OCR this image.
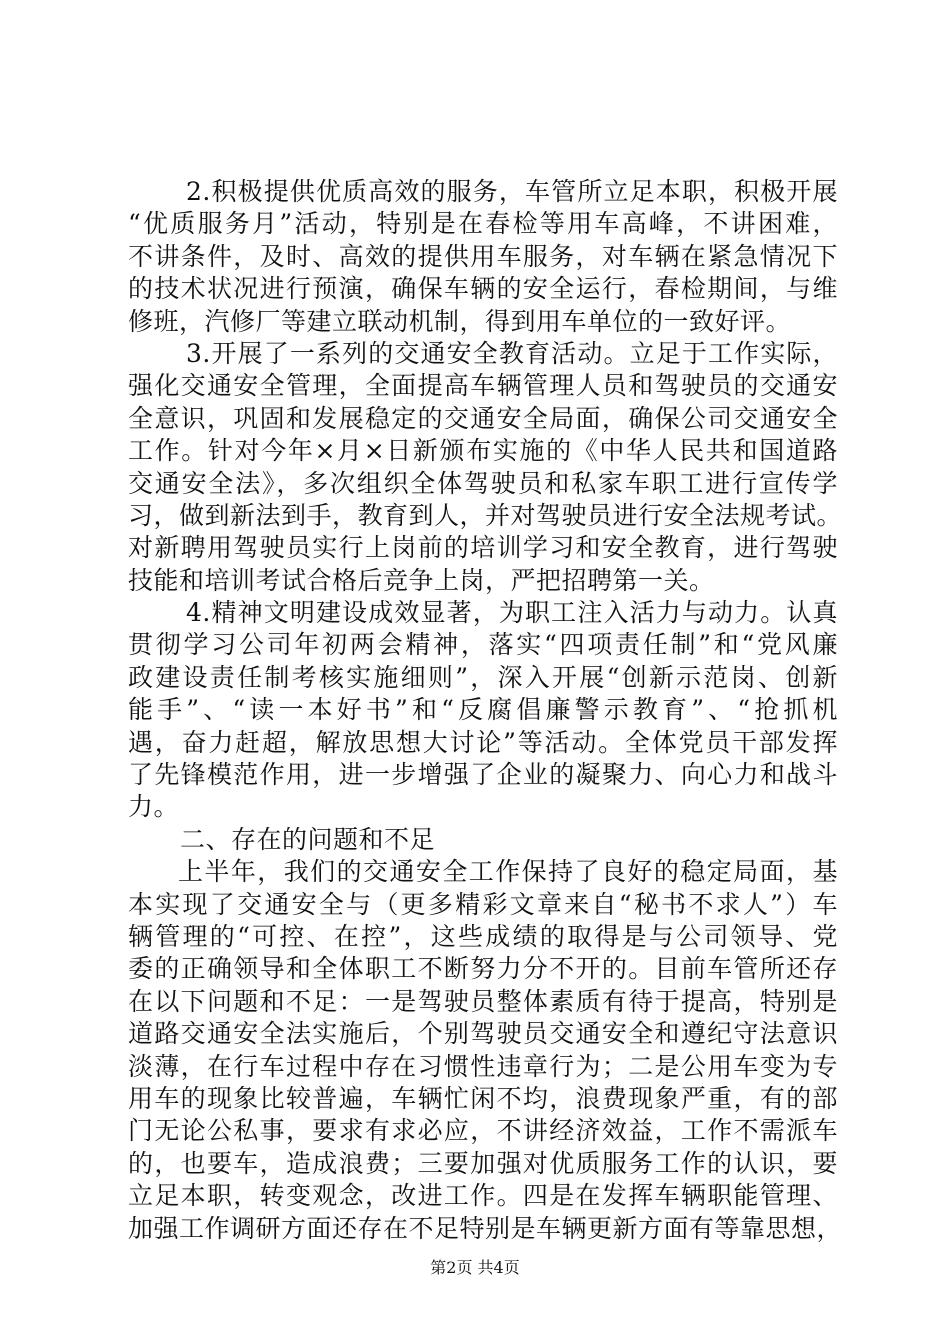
2.积极提供优质高效的服务，车管所立足本职，积极开展
“优质服务月”活动，特别是在春检等用车高峰，不讲困难，
不讲条件，及时、高效的提供用车服务，对车辆在紧急情况下
的技术状况进行预演，确保车辆的安全运行，春检期间，与维
修班，汽修厂等建立联动机制，得到用车单位的一致好评。
3.开展了一系列的交通安全教育活动。立足于工作实际，
强化交通安全管理，全面提高车辆管理人员和驾驶员的交通安
全意识，巩固和发展稳定的交通安全局面，确保公司交通安全
工作。针对今年×月×日新颁布实施的《中华人民共和国道路
交通安全法》，多次组织全体驾驶员和私家车职工进行宣传学
习，做到新法到手，教育到人，并对驾驶员进行安全法规考试。
对新聘用驾驶员实行上岗前的培训学习和安全教育，进行驾驶
技能和培训考试合格后竞争上岗，严把招聘第一关。
4.精神文明建设成效显著，为职工注入活力与动力。认真
贯彻学习公司年初两会精神，落实“四项责任制”和“党风廉
政建设责任制考核实施细则”，深入开展“创新示范岗、创新
能手”、“读一本好书”和“反腐倡廉警示教育”、“抢抓机
遇，奋力赶超，解放思想大讨论”等活动。全体党员干部发挥
了先锋模范作用，进一步增强了企业的凝聚力、向心力和战斗
力。
二、存在的问题和不足
上半年，我们的交通安全工作保持了良好的稳定局面，基
本实现了交通安全与（更多精彩文章来自“秘书不求人”）车
辆管理的“可控、在控”，这些成绩的取得是与公司领导、党
委的正确领导和全体职工不断努力分不开的。目前车管所还存
在以下问题和不足：一是驾驶员整体素质有待于提高，特别是
道路交通安全法实施后，个别驾驶员交通安全和遵纪守法意识
淡薄，在行车过程中存在习惯性违章行为；二是公用车变为专
用车的现象比较普遍，车辆忙闲不均，浪费现象严重，有的部
门无论公私事，要求有求必应，不讲经济效益，工作不需派车
的，也要车，造成浪费；三要加强对优质服务工作的认识，要
立足本职，转变观念，改进工作。四是在发挥车辆职能管理、
加强工作调研方面还存在不足特别是车辆更新方面有等靠思想，
第2页 共4页
